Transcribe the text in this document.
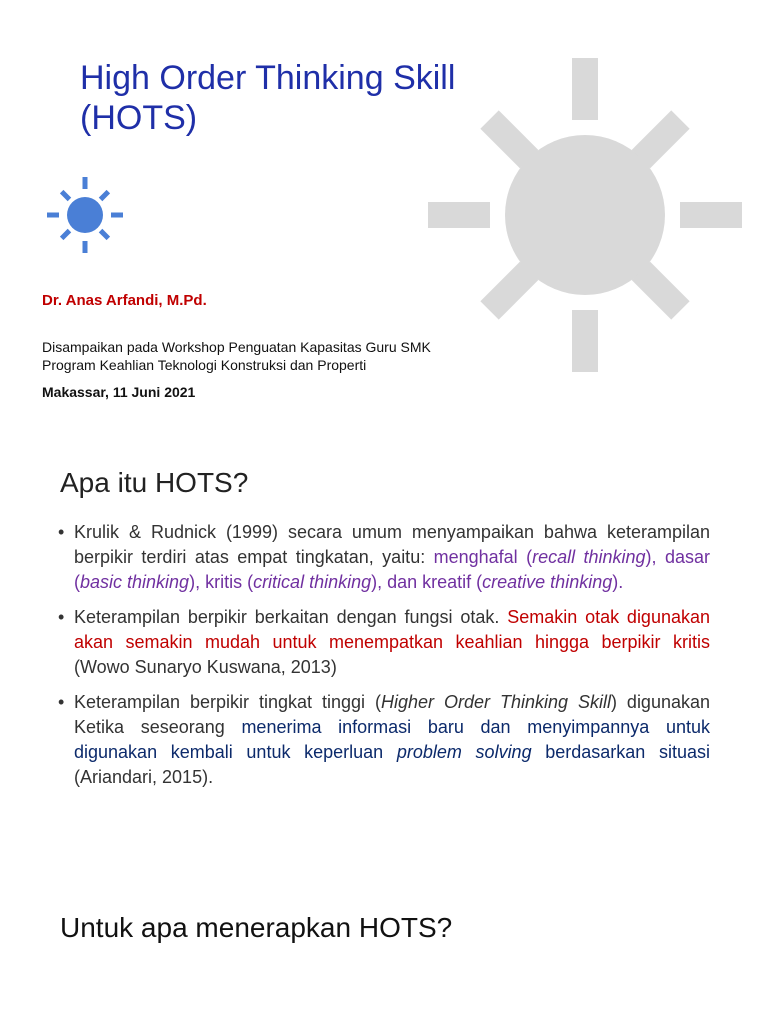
High Order Thinking Skill
(HOTS)
Dr. Anas Arfandi, M.Pd.
Disampaikan pada Workshop Penguatan Kapasitas Guru SMK
Program Keahlian Teknologi Konstruksi dan Properti
Makassar, 11 Juni 2021
Apa itu HOTS?
• Krulik & Rudnick (1999) secara umum menyampaikan bahwa keterampilan berpikir terdiri atas empat tingkatan, yaitu: menghafal (recall thinking), dasar (basic thinking), kritis (critical thinking), dan kreatif (creative thinking).
• Keterampilan berpikir berkaitan dengan fungsi otak. Semakin otak digunakan akan semakin mudah untuk menempatkan keahlian hingga berpikir kritis (Wowo Sunaryo Kuswana, 2013)
• Keterampilan berpikir tingkat tinggi (Higher Order Thinking Skill) digunakan Ketika seseorang menerima informasi baru dan menyimpannya untuk digunakan kembali untuk keperluan problem solving berdasarkan situasi (Ariandari, 2015).
Untuk apa menerapkan HOTS?
